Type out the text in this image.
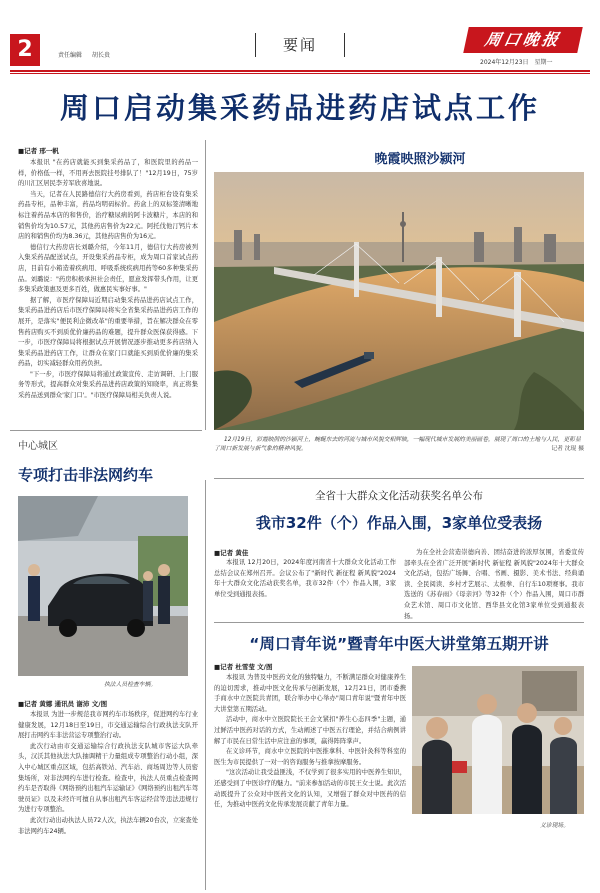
2	责任编辑 胡长贵
要闻	周口晚报
2024年12月23日 星期一
周口启动集采药品进药店试点工作
■记者 邢一帆

本报讯 "在药店就能买到集采药品了，和医院里的药品一样，价格低一样，不用再去医院挂号排队了！"12月19日，75岁的川汇区居民李芳军欣喜地说。

当天，记者在人民路德信行大药房看到，药店柜台设有集采药品专柜，品种丰富，药品均明码标价。药盒上的双标签清晰地标注着药品本店的和售价，治疗糖尿病的阿卡波糖片，本店的和销售价均为10.57元，其他药店售价为22元。阿托伐他汀钙片本店的和销售价均为8.36元，其他药店售价为16元。

德信行大药房店长刘璐介绍，今年11月，德信行大药房被列入集采药品配送试点，开设集采药品专柜，成为周口首家试点药店，目前有小箱造着疾病用、呼吸系统疾病用药等60多种集采药品。刘璐说："药房积极承担社会责任，愿意发挥带头作用，让更多集采政策惠及更多百姓，做惠民实事好事。"

据了解，市医疗保障局近期启动集采药品进药店试点工作，集采药品进药店后市医疗保障局将实全省集采药品进药店工作的展开，是落实"便民利企微改革"的重要举措，旨在解决群众在零售药店购买不到质优价廉药品的难题，提升群众医保获得感。下一步，市医疗保障局将根据试点开展情况逐步推动更多药店纳入集采药品进药店工作，让群众在家门口就能买到质优价廉的集采药品，切实减轻群众用药负担。

"下一步，市医疗保障局将通过政策宣传、走访调研、上门服务等形式，提高群众对集采药品进药店政策的知晓率，真正将集采药品送到群众'家门口'。"市医疗保障局相关负责人说。

晚霞映照沙颍河
12月19日，彩霞映照的沙颍河上，蜿蜒东去的河流与城市风貌交相辉映，一幅现代城市发展的美丽画卷，展现了周口的土地与人民，更彰显了周口新发展与新气象的精神风貌。	记者 沈琨 摄
中心城区
专项打击非法网约车
执法人员检查车辆。
■记者 黄娜 通讯员 谢沛 文/图

本报讯 为进一步规范我市网约车市场秩序，促进网约车行业健康发展，12月18日至19日，市交通运输综合行政执法支队开展打击网约车非法营运专项整治行动。

此次行动由市交通运输综合行政执法支队城市客运大队牵头，汉沃其他执法大队抽调精干力量组成专项整治行动小组，深入中心城区重点区域，包括高铁站、汽车站、商场周边等人员密集场所，对非法网约车进行检查。检查中，执法人员重点检查网约车是否取得《网络预约出租汽车运输证》《网络预约出租汽车驾驶员证》以及未经许可擅自从事出租汽车客运经营等违法违规行为进行专项整治。

此次行动出动执法人员72人次，执法车辆20台次，立案查处非法网约车24辆。

全省十大群众文化活动获奖名单公布
我市32件（个）作品入围，3家单位受表扬
■记者 黄佳
本报讯 12月20日，2024年度河南省十大群众文化活动工作总结会议在郑州召开。会议公布了"新时代 新征程 新风貌"2024年十大群众文化活动获奖名单，我市32件（个）作品入围，3家单位受到通报表扬。
为在全社会营造崇德向善、团结奋进的浓厚氛围，省委宣传部牵头在全省广泛开展"新时代 新征程 新风貌"2024年十大群众文化活动，包括广场舞、合唱、书画、摄影、美术书法、经典诵读、全民阅读、乡村才艺展示、太极拳、自行车10项赛事。我市选送的《苏春雨》《母亲河》等32件（个）作品入围，周口市群众艺术馆、周口市文化馆、西华县文化馆3家单位受到通报表扬。
“周口青年说”暨青年中医大讲堂第五期开讲
■记者 杜雪莹 文/图

本报讯 为普及中医药文化的独特魅力，不断满足群众对健康养生的迫切需求，推动中医文化传承与创新发展，12月21日，团市委携手商水中立医院共青团，联合举办中心举办"周口青年说"暨青年中医大讲堂第五期活动。

活动中，商水中立医院院长王会文紧扣"养生心态四季"主题，通过鲜活中医药对话的方式，生动阐述了中医五行理论，并结合病例讲解了市民在日常生活中应注意的事项，赢得阵阵掌声。

在义诊环节，商水中立医院的中医推拿科、中医针灸科等科室的医生为市民提供了一对一的咨询服务与推拿按摩服务。

"这次活动让我受益匪浅，不仅学到了很多实用的中医养生知识，还感受到了中医诊疗的魅力。"前来参加活动的市民王女士说。此次活动既提升了公众对中医药文化的认知，又增强了群众对中医药的信任，为推动中医药文化传承发展贡献了青年力量。

义诊现场。
